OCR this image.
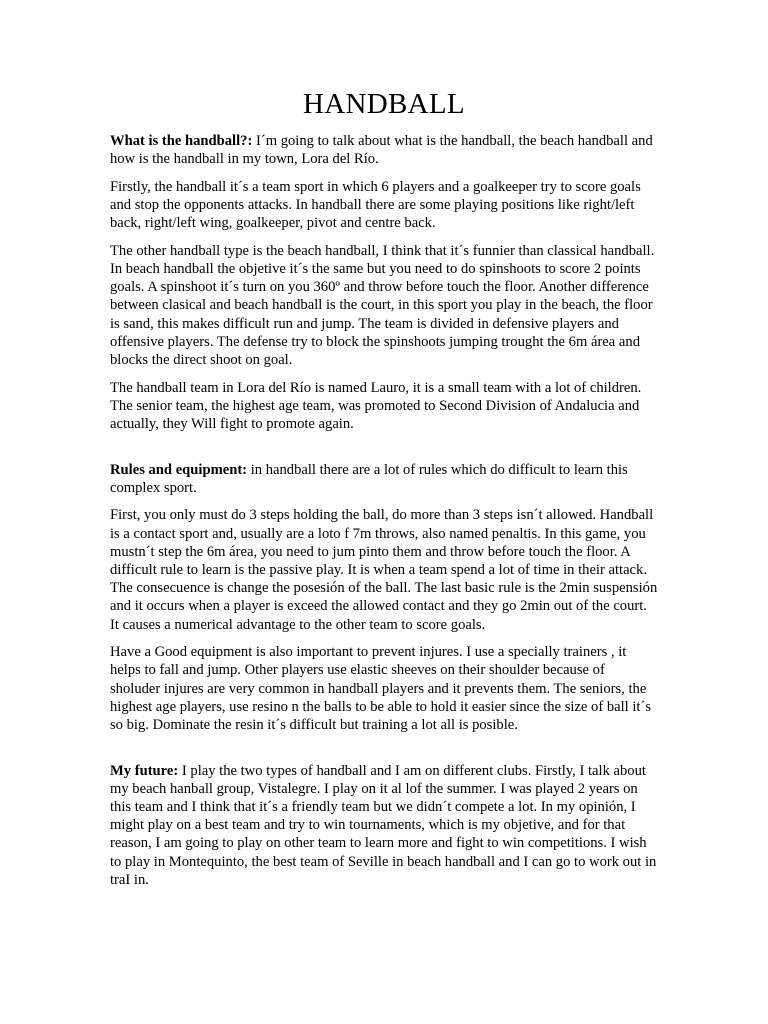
HANDBALL

What is the handball?: I´m going to talk about what is the handball, the beach handball and how is the handball in my town, Lora del Río.

Firstly, the handball it´s a team sport in which 6 players and a goalkeeper try to score goals and stop the opponents attacks. In handball there are some playing positions like right/left back, right/left wing, goalkeeper, pivot and centre back.

The other handball type is the beach handball, I think that it´s funnier than classical handball. In beach handball the objetive it´s the same but you need to do spinshoots to score 2 points goals. A spinshoot it´s turn on you 360º and throw before touch the floor. Another difference between clasical and beach handball is the court, in this sport you play in the beach, the floor is sand, this makes difficult run and jump. The team is divided in defensive players and offensive players. The defense try to block the spinshoots jumping trought the 6m área and blocks the direct shoot on goal.

The handball team in Lora del Río is named Lauro, it is a small team with a lot of children. The senior team, the highest age team, was promoted to Second Division of Andalucia and actually, they Will fight to promote again.

Rules and equipment: in handball there are a lot of rules which do difficult to learn this complex sport.

First, you only must do 3 steps holding the ball, do more than 3 steps isn´t allowed. Handball is a contact sport and, usually are a loto f 7m throws, also named penaltis. In this game, you mustn´t step the 6m área, you need to jum pinto them and throw before touch the floor. A difficult rule to learn is the passive play. It is when a team spend a lot of time in their attack. The consecuence is change the posesión of the ball. The last basic rule is the 2min suspensión and it occurs when a player is exceed the allowed contact and they go 2min out of the court. It causes a numerical advantage to the other team to score goals.

Have a Good equipment is also important to prevent injures. I use a specially trainers , it helps to fall and jump. Other players use elastic sheeves on their shoulder because of sholuder injures are very common in handball players and it prevents them. The seniors, the highest age players, use resino n the balls to be able to hold it easier since the size of ball it´s so big. Dominate the resin it´s difficult but training a lot all is posible.

My future: I play the two types of handball and I am on different clubs. Firstly, I talk about my beach hanball group, Vistalegre. I play on it al lof the summer. I was played 2 years on this team and I think that it´s a friendly team but we didn´t compete a lot. In my opinión, I might play on a best team and try to win tournaments, which is my objetive, and for that reason, I am going to play on other team to learn more and fight to win competitions. I wish to play in Montequinto, the best team of Seville in beach handball and I can go to work out in traI in.
